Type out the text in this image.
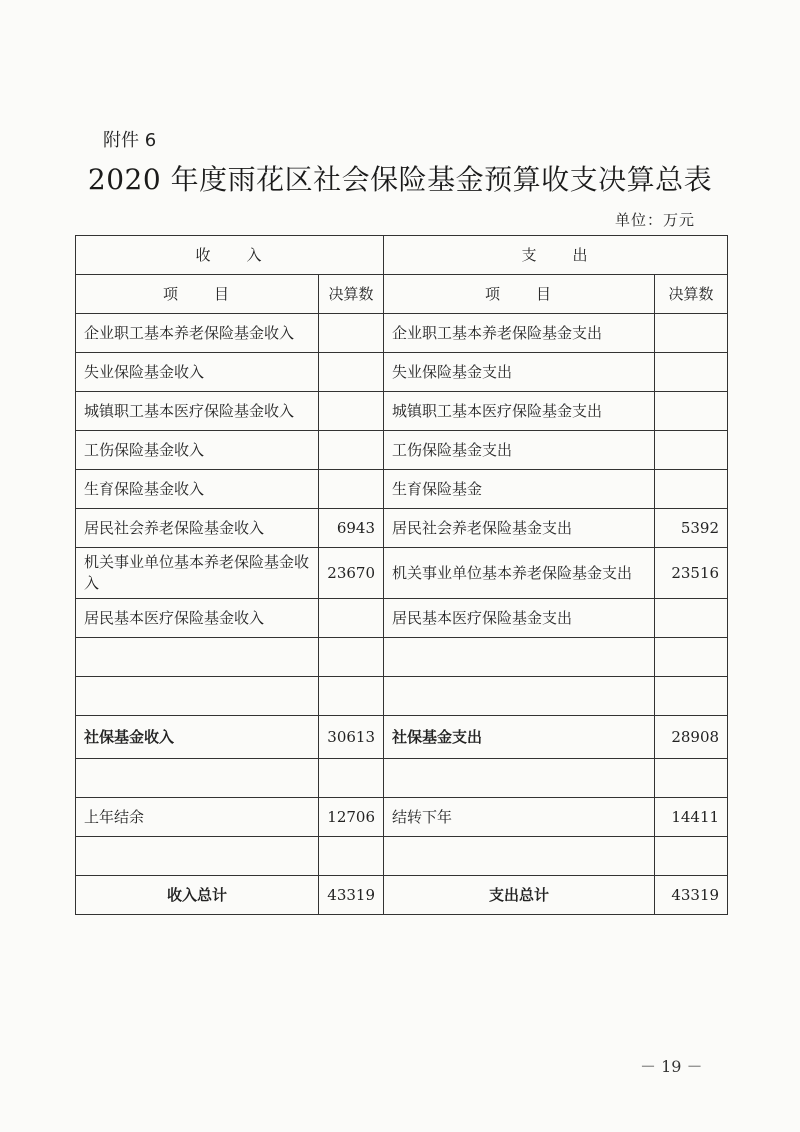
附件 6
2020 年度雨花区社会保险基金预算收支决算总表
单位：万元
收　　入		支　　出	
项　　目	决算数	项　　目	决算数
企业职工基本养老保险基金收入		企业职工基本养老保险基金支出	
失业保险基金收入		失业保险基金支出	
城镇职工基本医疗保险基金收入		城镇职工基本医疗保险基金支出	
工伤保险基金收入		工伤保险基金支出	
生育保险基金收入		生育保险基金	
居民社会养老保险基金收入	6943	居民社会养老保险基金支出	5392
机关事业单位基本养老保险基金收入	23670	机关事业单位基本养老保险基金支出	23516
居民基本医疗保险基金收入		居民基本医疗保险基金支出	

社保基金收入	30613	社保基金支出	28908

上年结余	12706	结转下年	14411

收入总计	43319	支出总计	43319
－ 19 －
